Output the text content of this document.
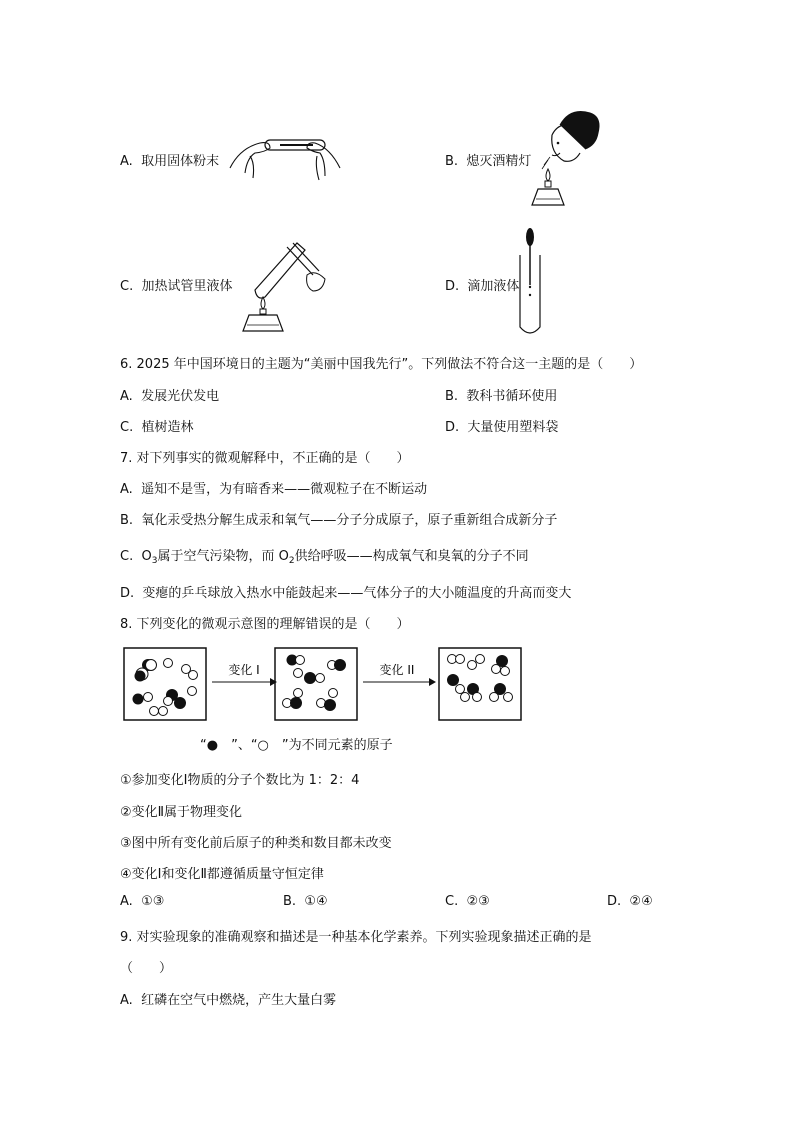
A. 取用固体粉末	B. 熄灭酒精灯
C. 加热试管里液体	D. 滴加液体
6. 2025 年中国环境日的主题为“美丽中国我先行”。下列做法不符合这一主题的是（　　）
A. 发展光伏发电	B. 教科书循环使用
C. 植树造林	D. 大量使用塑料袋
7. 对下列事实的微观解释中，不正确的是（　　）
A. 遥知不是雪，为有暗香来——微观粒子在不断运动
B. 氧化汞受热分解生成汞和氧气——分子分成原子，原子重新组合成新分子
C. $O_3$属于空气污染物，而 $O_2$供给呼吸——构成氧气和臭氧的分子不同
D. 变瘪的乒乓球放入热水中能鼓起来——气体分子的大小随温度的升高而变大
8. 下列变化的微观示意图的理解错误的是（　　）
变化 I	变化 II
“●　”、“○　”为不同元素的原子
①参加变化Ⅰ物质的分子个数比为 1：2：4
②变化Ⅱ属于物理变化
③图中所有变化前后原子的种类和数目都未改变
④变化Ⅰ和变化Ⅱ都遵循质量守恒定律
A. ①③	B. ①④	C. ②③	D. ②④
9. 对实验现象的准确观察和描述是一种基本化学素养。下列实验现象描述正确的是
（　　）
A. 红磷在空气中燃烧，产生大量白雾
